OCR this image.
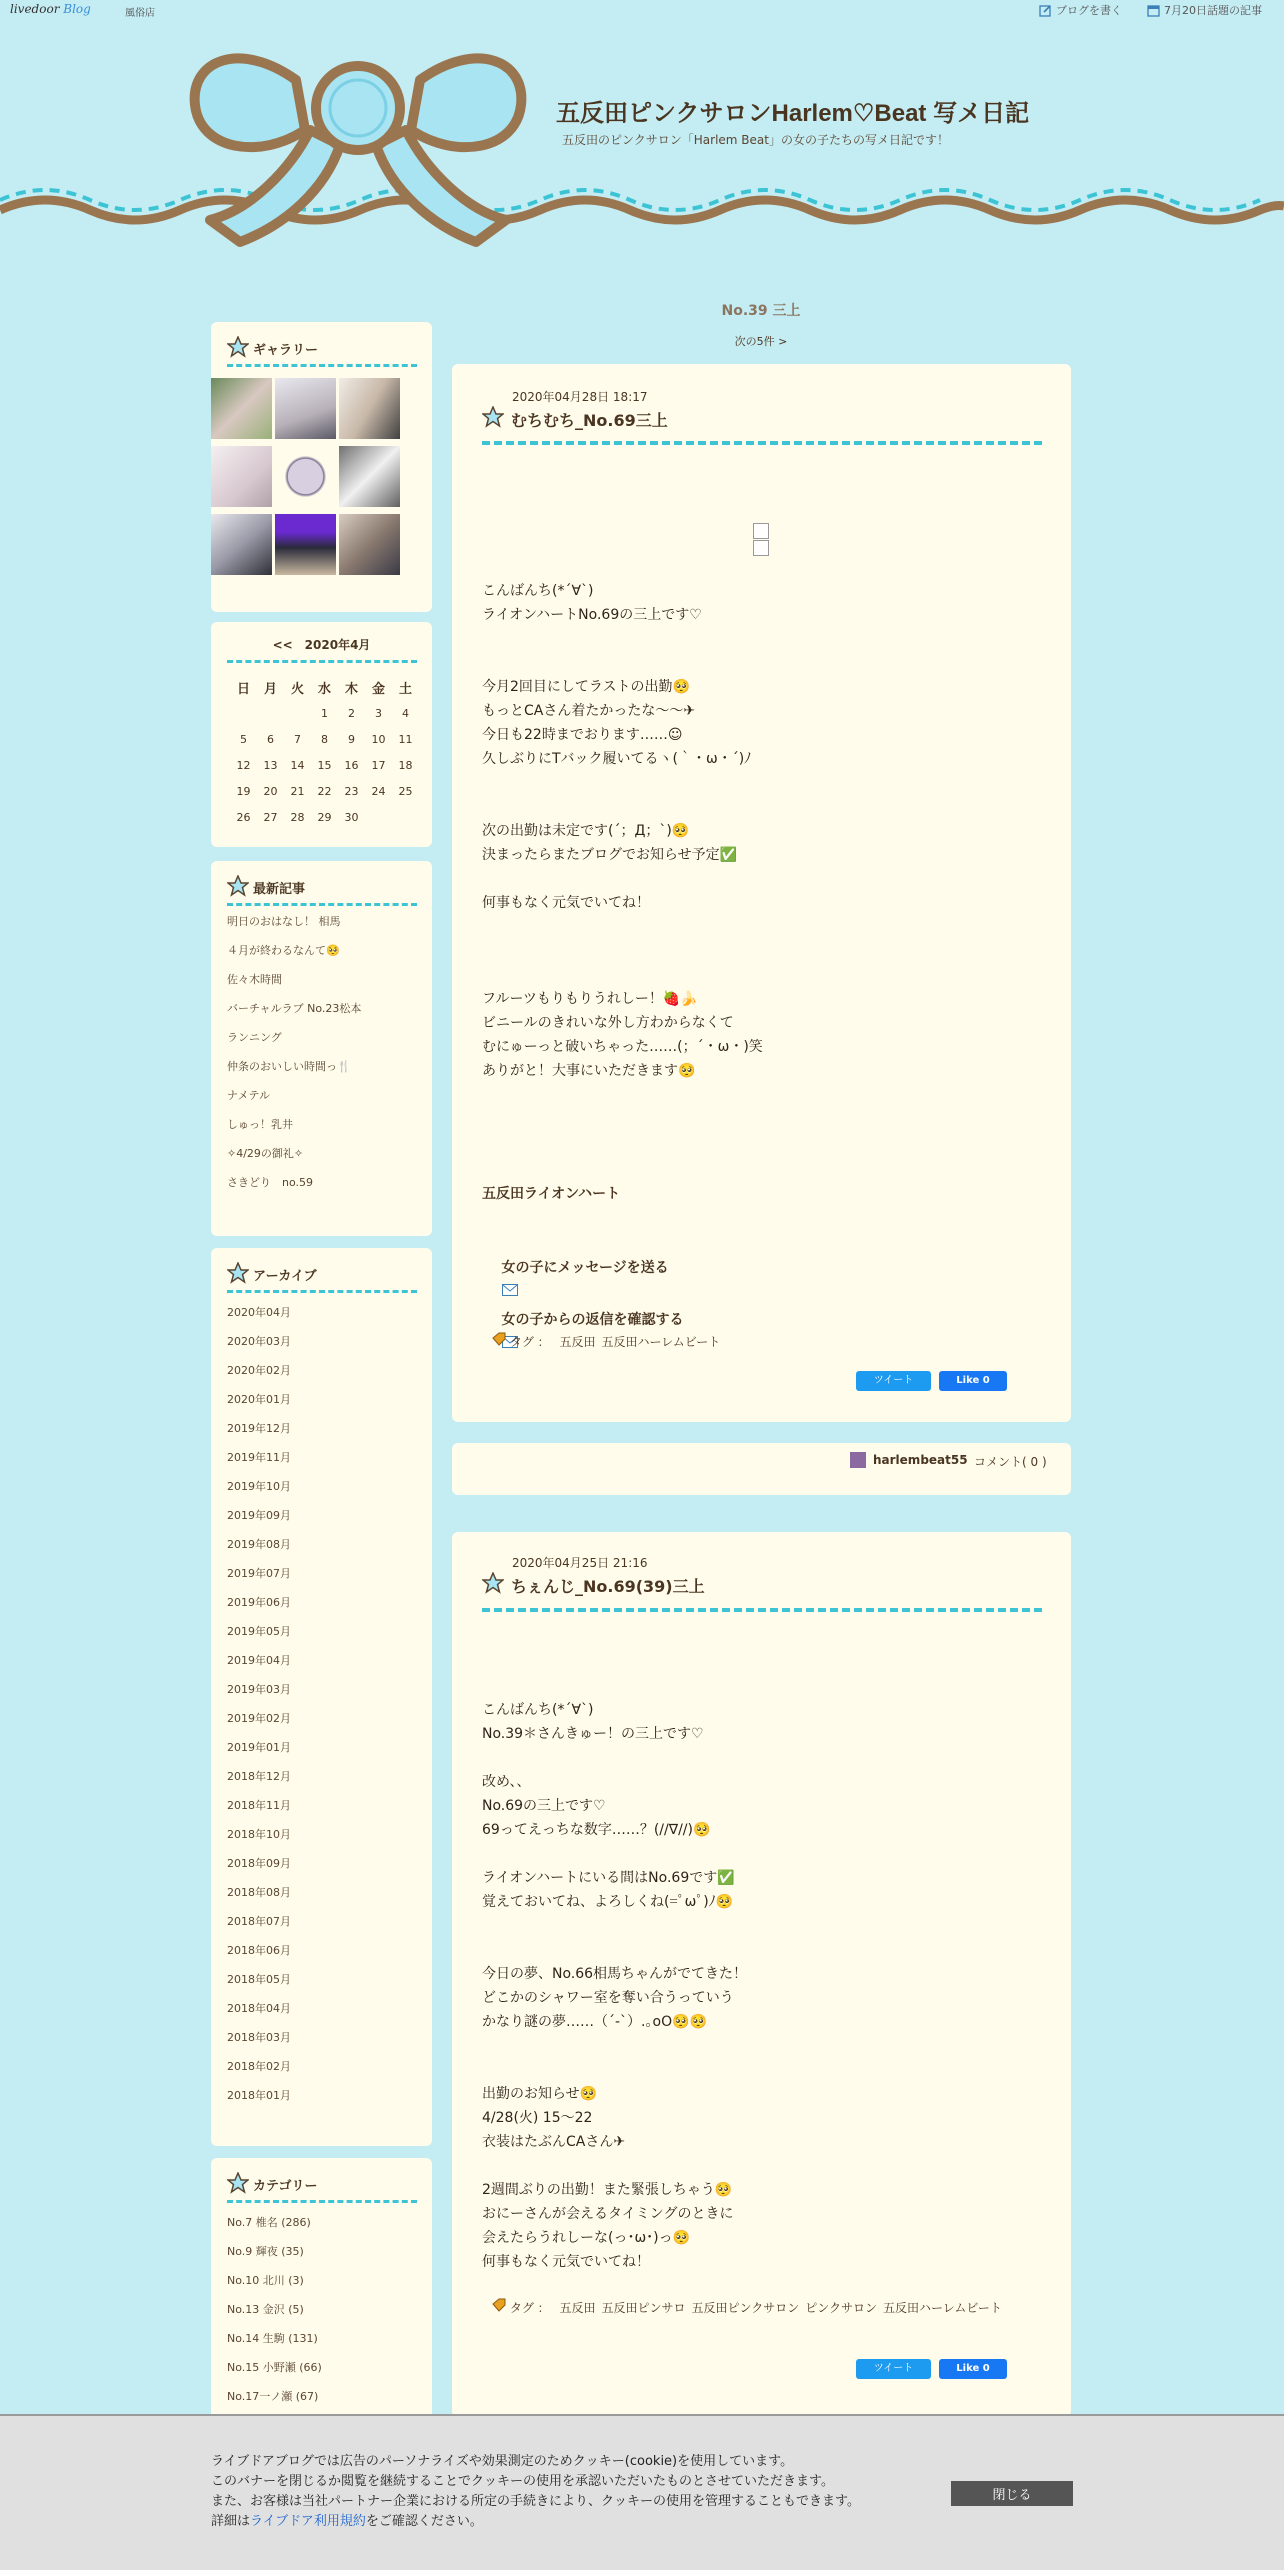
livedoor Blog	風俗店	ブログを書く	7月20日話題の記事
五反田ピンクサロンHarlem♡Beat 写メ日記
五反田のピンクサロン「Harlem Beat」の女の子たちの写メ日記です！
ギャラリー
<< 2020年4月
日	月	火	水	木	金	土
			1	2	3	4
5	6	7	8	9	10	11
12	13	14	15	16	17	18
19	20	21	22	23	24	25
26	27	28	29	30		
最新記事
明日のおはなし！ 相馬
４月が終わるなんて🥺
佐々木時間
バーチャルラブ No.23松本
ランニング
仲条のおいしい時間っ🍴
ナメテル
しゅっ！乳井
✧4/29の御礼✧
さきどり　no.59
アーカイブ
2020年04月
2020年03月
2020年02月
2020年01月
2019年12月
2019年11月
2019年10月
2019年09月
2019年08月
2019年07月
2019年06月
2019年05月
2019年04月
2019年03月
2019年02月
2019年01月
2018年12月
2018年11月
2018年10月
2018年09月
2018年08月
2018年07月
2018年06月
2018年05月
2018年04月
2018年03月
2018年02月
2018年01月
カテゴリー
No.7 椎名 (286)
No.9 輝夜 (35)
No.10 北川 (3)
No.13 金沢 (5)
No.14 生駒 (131)
No.15 小野瀬 (66)
No.17一ノ瀬 (67)
No.39 三上
次の5件 >
2020年04月28日 18:17
むちむち_No.69三上
こんばんち(*´∀`)
ライオンハートNo.69の三上です♡
今月2回目にしてラストの出勤🥺
もっとCAさん着たかったな〜〜✈
今日も22時までおります……☺
久しぶりにTバック履いてるヽ(｀・ω・´)ﾉ
次の出勤は未定です(´；Д；`)🥺
決まったらまたブログでお知らせ予定✅
何事もなく元気でいてね！
フルーツもりもりうれしー！🍓🍌
ビニールのきれいな外し方わからなくて
むにゅーっと破いちゃった……(；´・ω・)笑
ありがと！大事にいただきます🥺
五反田ライオンハート

女の子にメッセージを送る

女の子からの返信を確認する

タグ ： 五反田 五反田ハーレムビート
ツイート	Like 0
harlembeat55 コメント( 0 )
2020年04月25日 21:16
ちぇんじ_No.69(39)三上
こんばんち(*´∀`)
No.39＊さんきゅー！の三上です♡
改め、、
No.69の三上です♡
69ってえっちな数字……？(//∇//)🥺
ライオンハートにいる間はNo.69です✅
覚えておいてね、よろしくね(=ﾟωﾟ)ﾉ🥺
今日の夢、No.66相馬ちゃんがでてきた！
どこかのシャワー室を奪い合うっていう
かなり謎の夢……（´-`）.｡oO🥺🥺
出勤のお知らせ🥺
4/28(火) 15〜22
衣装はたぶんCAさん✈
2週間ぶりの出勤！また緊張しちゃう🥺
おにーさんが会えるタイミングのときに
会えたらうれしーな(っ･ω･)っ🥺
何事もなく元気でいてね！
タグ ： 五反田 五反田ピンサロ 五反田ピンクサロン ピンクサロン 五反田ハーレムビート
ツイート	Like 0
ライブドアブログでは広告のパーソナライズや効果測定のためクッキー(cookie)を使用しています。
このバナーを閉じるか閲覧を継続することでクッキーの使用を承認いただいたものとさせていただきます。
また、お客様は当社パートナー企業における所定の手続きにより、クッキーの使用を管理することもできます。
詳細はライブドア利用規約をご確認ください。
閉じる
